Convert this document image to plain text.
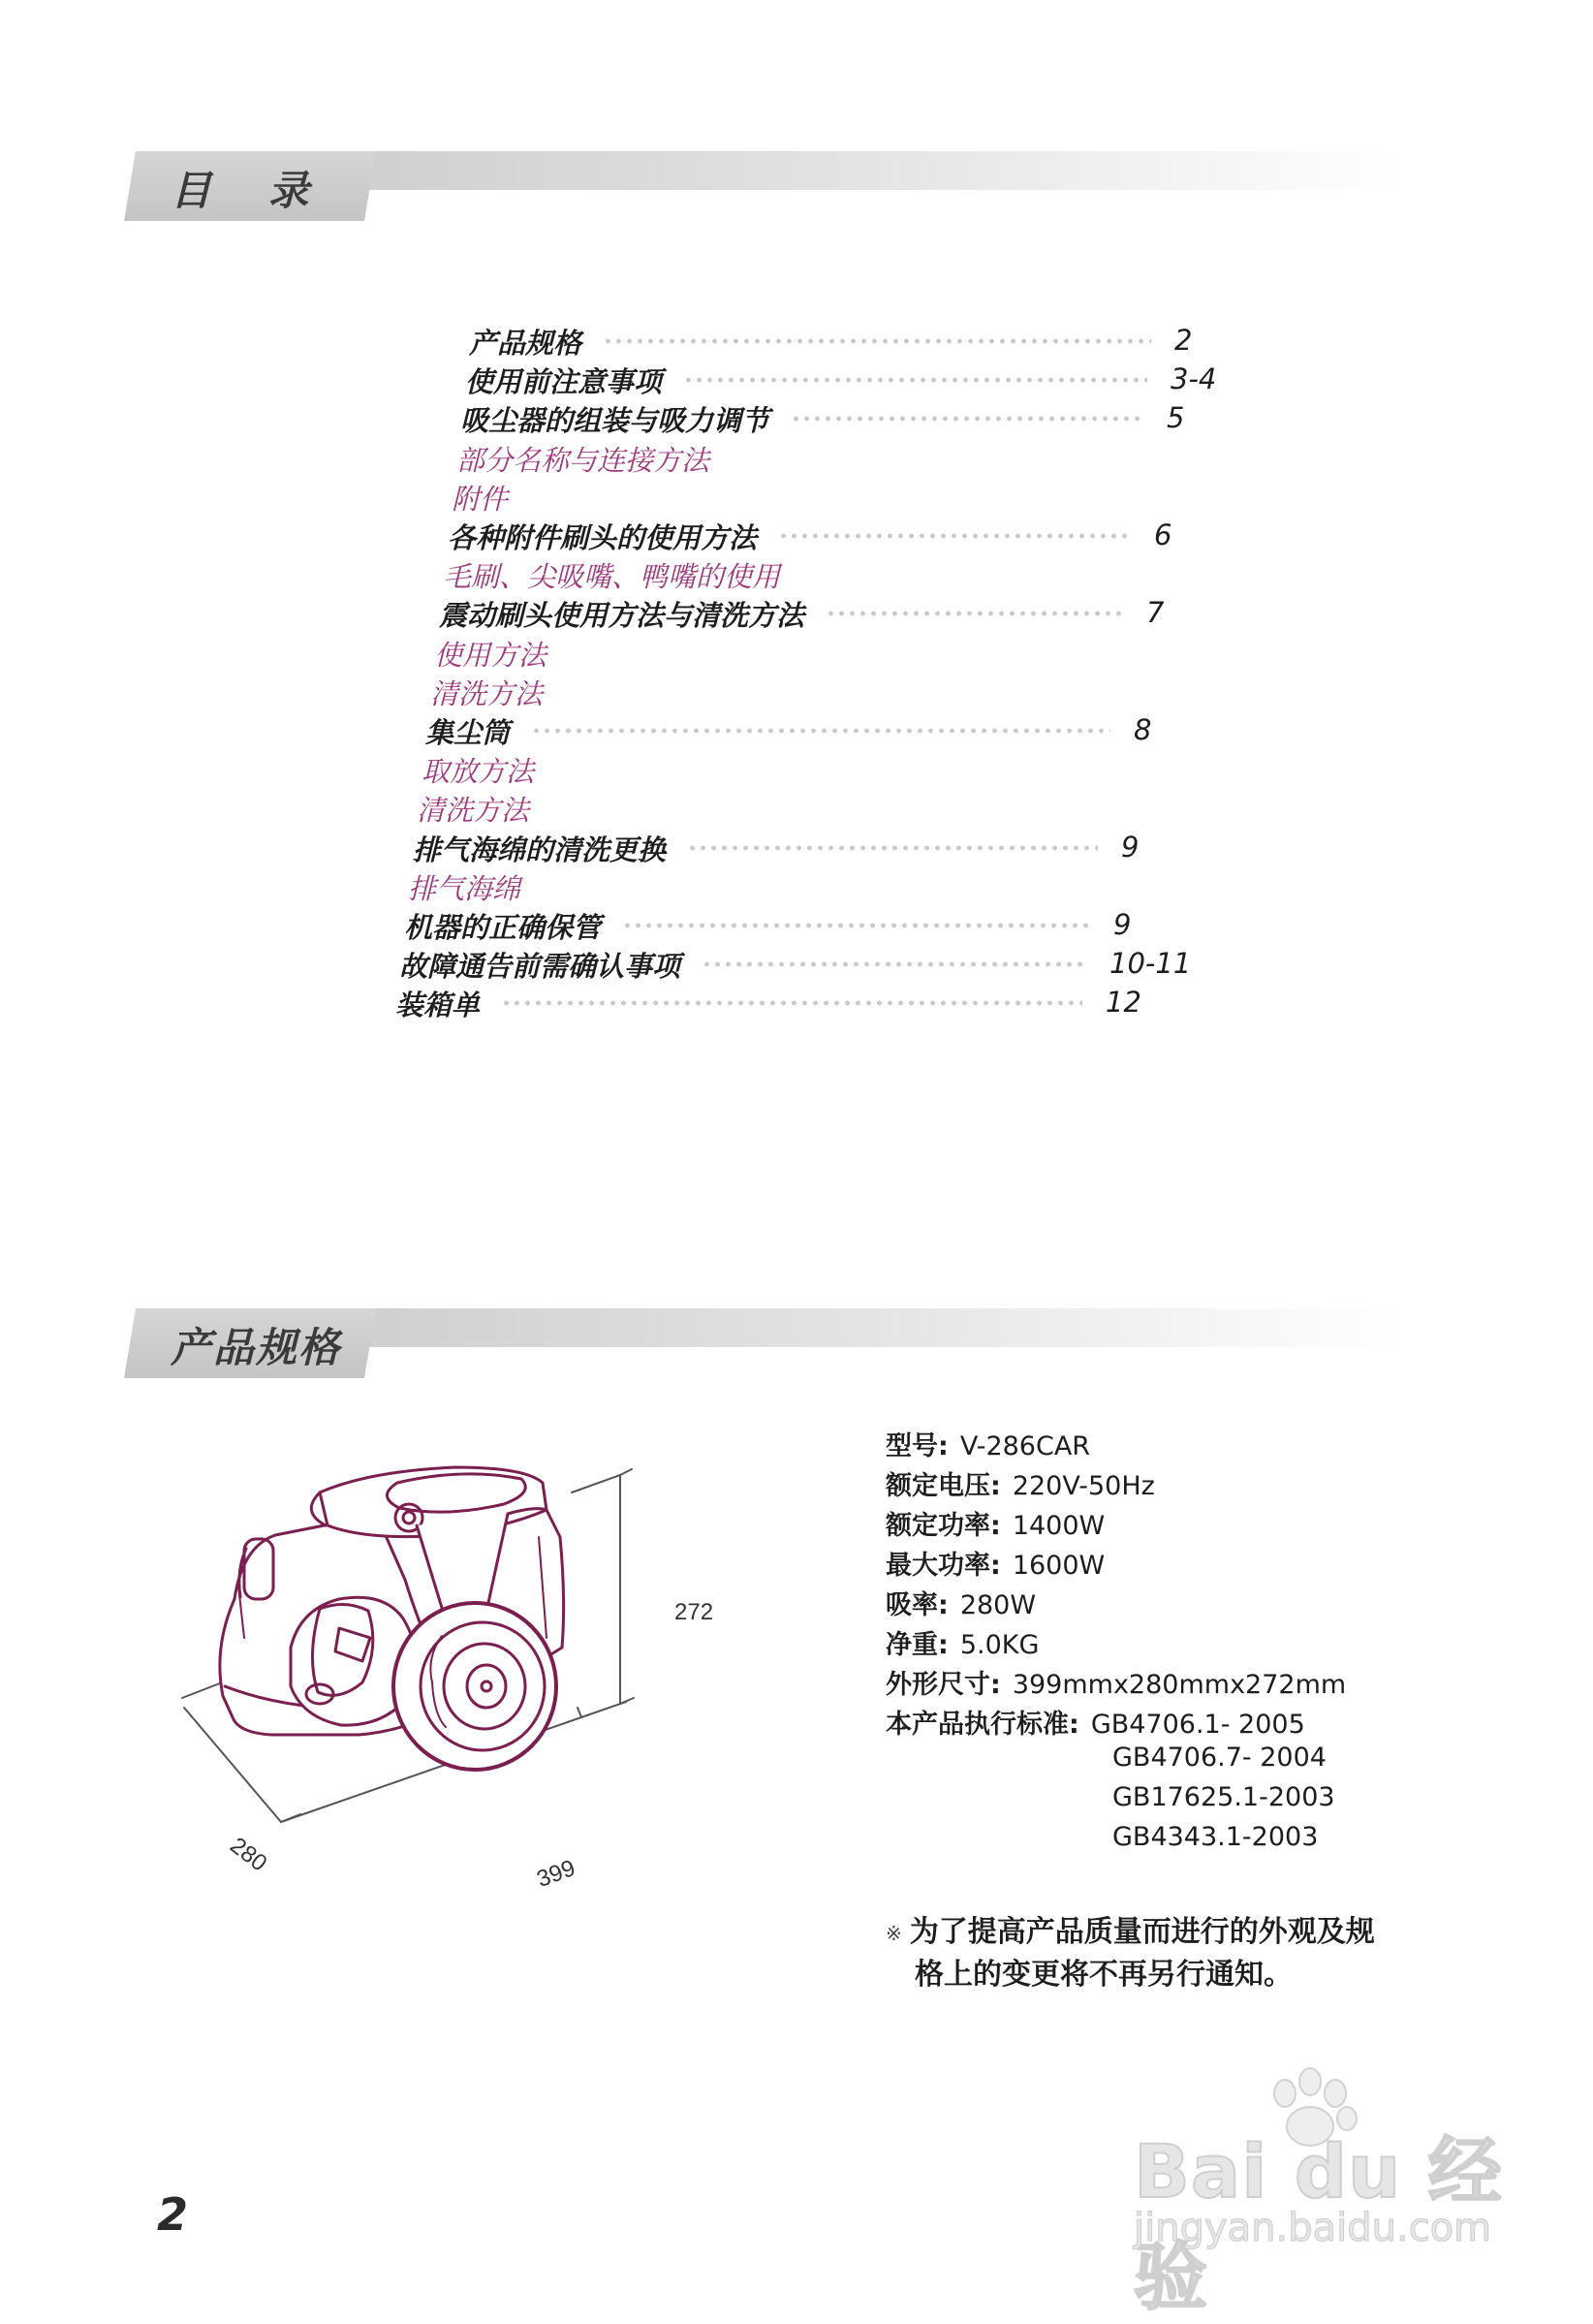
目 录
产品规格	2
使用前注意事项	3-4
吸尘器的组装与吸力调节	5
部分名称与连接方法
附件
各种附件刷头的使用方法	6
毛刷、尖吸嘴、鸭嘴的使用
震动刷头使用方法与清洗方法	7
使用方法
清洗方法
集尘筒	8
取放方法
清洗方法
排气海绵的清洗更换	9
排气海绵
机器的正确保管	9
故障通告前需确认事项	10-11
装箱单	12
产品规格
272
280	399
型号: V-286CAR
额定电压: 220V-50Hz
额定功率: 1400W
最大功率: 1600W
吸率: 280W
净重: 5.0KG
外形尺寸: 399mmx280mmx272mm
本产品执行标准: GB4706.1- 2005
GB4706.7- 2004
GB17625.1-2003
GB4343.1-2003
※ 为了提高产品质量而进行的外观及规
格上的变更将不再另行通知。
2	Bai du 经验
jingyan.baidu.com
